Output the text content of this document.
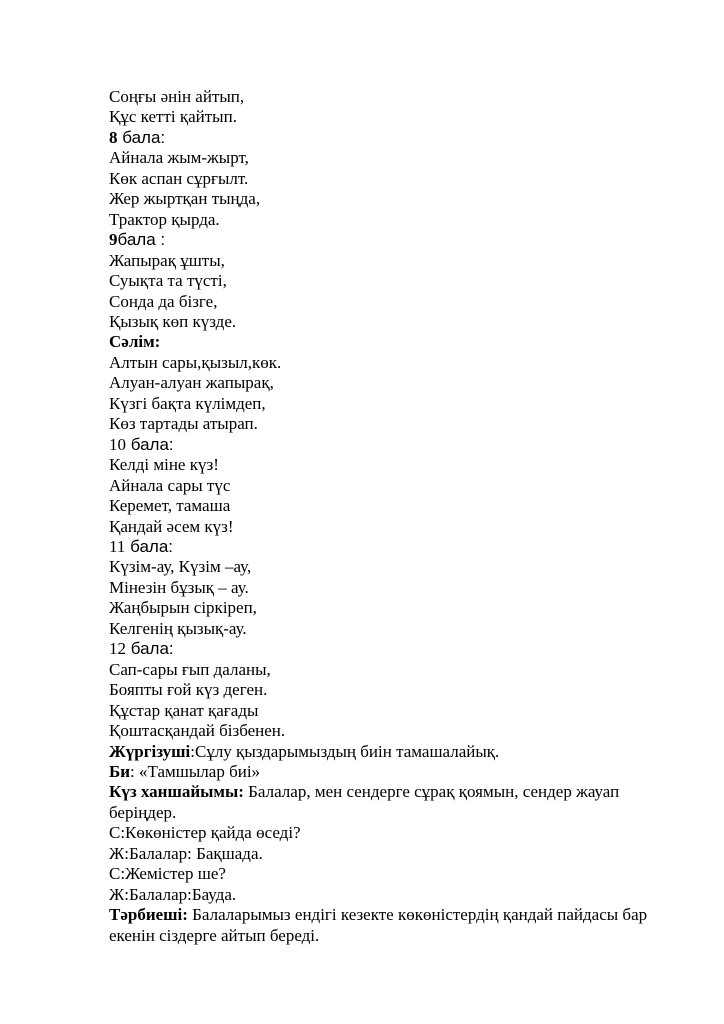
Соңғы әнін айтып,
Құс кетті қайтып.
8 бала:
Айнала жым-жырт,
Көк аспан сұрғылт.
Жер жыртқан тыңда,
Трактор қырда.
9бала :
Жапырақ ұшты,
Суықта та түсті,
Сонда да бізге,
Қызық көп күзде.
Сәлім:
Алтын сары,қызыл,көк.
Алуан-алуан жапырақ,
Күзгі бақта күлімдеп,
Көз тартады атырап.
10 бала:
Келді міне күз!
Айнала сары түс
Керемет, тамаша
Қандай әсем күз!
11 бала:
Күзім-ау, Күзім –ау,
Мінезін бұзық – ау.
Жаңбырын сіркіреп,
Келгенің қызық-ау.
12 бала:
Сап-сары ғып даланы,
Бояпты ғой күз деген.
Құстар қанат қағады
Қоштасқандай бізбенен.
Жүргізуші:Сұлу қыздарымыздың биін тамашалайық.
Би: «Тамшылар биі»
Күз ханшайымы: Балалар, мен сендерге сұрақ қоямын, сендер жауап
беріңдер.
С:Көкөністер қайда өседі?
Ж:Балалар: Бақшада.
С:Жемістер ше?
Ж:Балалар:Бауда.
Тәрбиеші: Балаларымыз ендігі кезекте көкөністердің қандай пайдасы бар
екенін сіздерге айтып береді.
